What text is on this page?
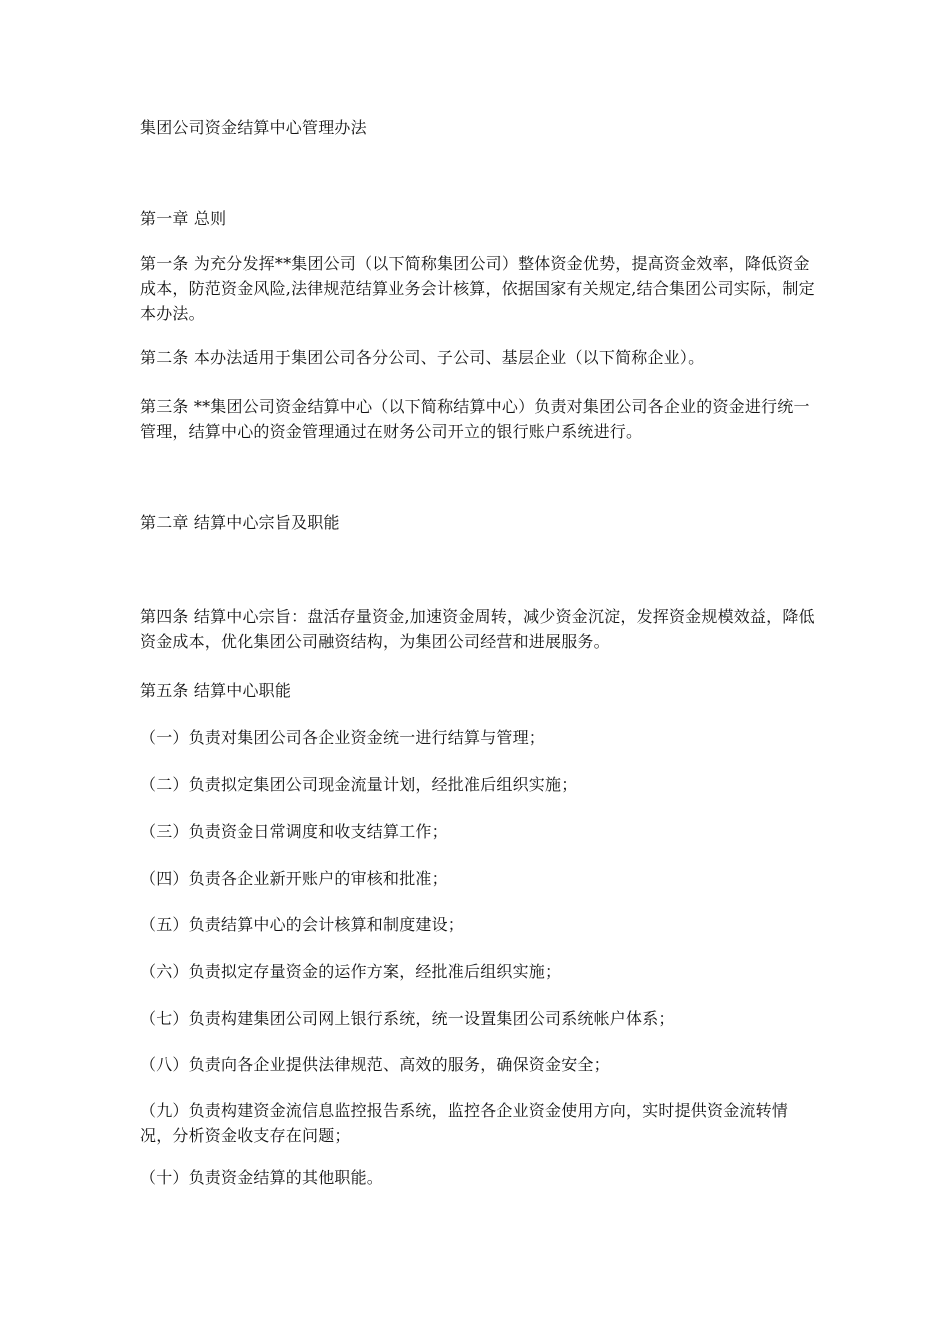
集团公司资金结算中心管理办法
第一章 总则
第一条 为充分发挥**集团公司（以下简称集团公司）整体资金优势，提高资金效率，降低资金成本，防范资金风险,法律规范结算业务会计核算，依据国家有关规定,结合集团公司实际，制定本办法。
第二条 本办法适用于集团公司各分公司、子公司、基层企业（以下简称企业）。
第三条 **集团公司资金结算中心（以下简称结算中心）负责对集团公司各企业的资金进行统一管理，结算中心的资金管理通过在财务公司开立的银行账户系统进行。
第二章 结算中心宗旨及职能
第四条 结算中心宗旨：盘活存量资金,加速资金周转，减少资金沉淀，发挥资金规模效益，降低资金成本，优化集团公司融资结构，为集团公司经营和进展服务。
第五条 结算中心职能
（一）负责对集团公司各企业资金统一进行结算与管理；
（二）负责拟定集团公司现金流量计划，经批准后组织实施；
（三）负责资金日常调度和收支结算工作；
（四）负责各企业新开账户的审核和批准；
（五）负责结算中心的会计核算和制度建设；
（六）负责拟定存量资金的运作方案，经批准后组织实施；
（七）负责构建集团公司网上银行系统，统一设置集团公司系统帐户体系；
（八）负责向各企业提供法律规范、高效的服务，确保资金安全；
（九）负责构建资金流信息监控报告系统，监控各企业资金使用方向，实时提供资金流转情况，分析资金收支存在问题；
（十）负责资金结算的其他职能。
